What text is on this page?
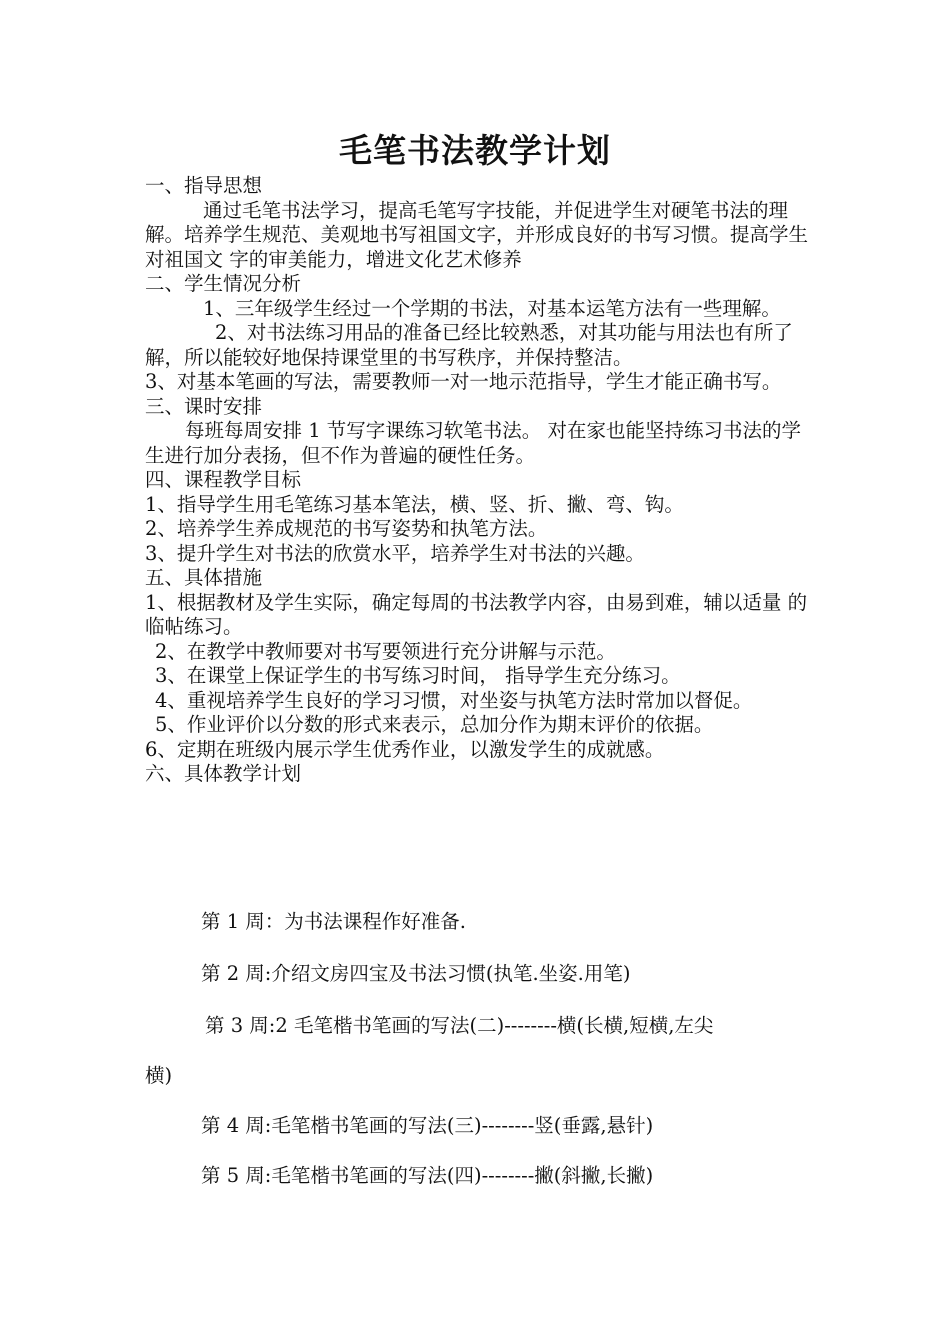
毛笔书法教学计划

一、指导思想

通过毛笔书法学习，提高毛笔写字技能，并促进学生对硬笔书法的理解。培养学生规范、美观地书写祖国文字，并形成良好的书写习惯。提高学生对祖国文 字的审美能力，增进文化艺术修养

二、学生情况分析

1、三年级学生经过一个学期的书法，对基本运笔方法有一些理解。

2、对书法练习用品的准备已经比较熟悉，对其功能与用法也有所了解，所以能较好地保持课堂里的书写秩序，并保持整洁。

3、对基本笔画的写法，需要教师一对一地示范指导，学生才能正确书写。

三、课时安排

每班每周安排 1 节写字课练习软笔书法。 对在家也能坚持练习书法的学生进行加分表扬，但不作为普遍的硬性任务。

四、课程教学目标

1、指导学生用毛笔练习基本笔法，横、竖、折、撇、弯、钩。

2、培养学生养成规范的书写姿势和执笔方法。

3、提升学生对书法的欣赏水平，培养学生对书法的兴趣。

五、具体措施

1、根据教材及学生实际，确定每周的书法教学内容，由易到难，辅以适量 的临帖练习。

2、在教学中教师要对书写要领进行充分讲解与示范。

3、在课堂上保证学生的书写练习时间， 指导学生充分练习。

4、重视培养学生良好的学习习惯，对坐姿与执笔方法时常加以督促。

5、作业评价以分数的形式来表示，总加分作为期末评价的依据。

6、定期在班级内展示学生优秀作业，以激发学生的成就感。

六、具体教学计划

第 1 周：为书法课程作好准备.
第 2 周:介绍文房四宝及书法习惯(执笔.坐姿.用笔)
第 3 周:2 毛笔楷书笔画的写法(二)--------横(长横,短横,左尖
横)
第 4 周:毛笔楷书笔画的写法(三)--------竖(垂露,悬针)
第 5 周:毛笔楷书笔画的写法(四)--------撇(斜撇,长撇)
